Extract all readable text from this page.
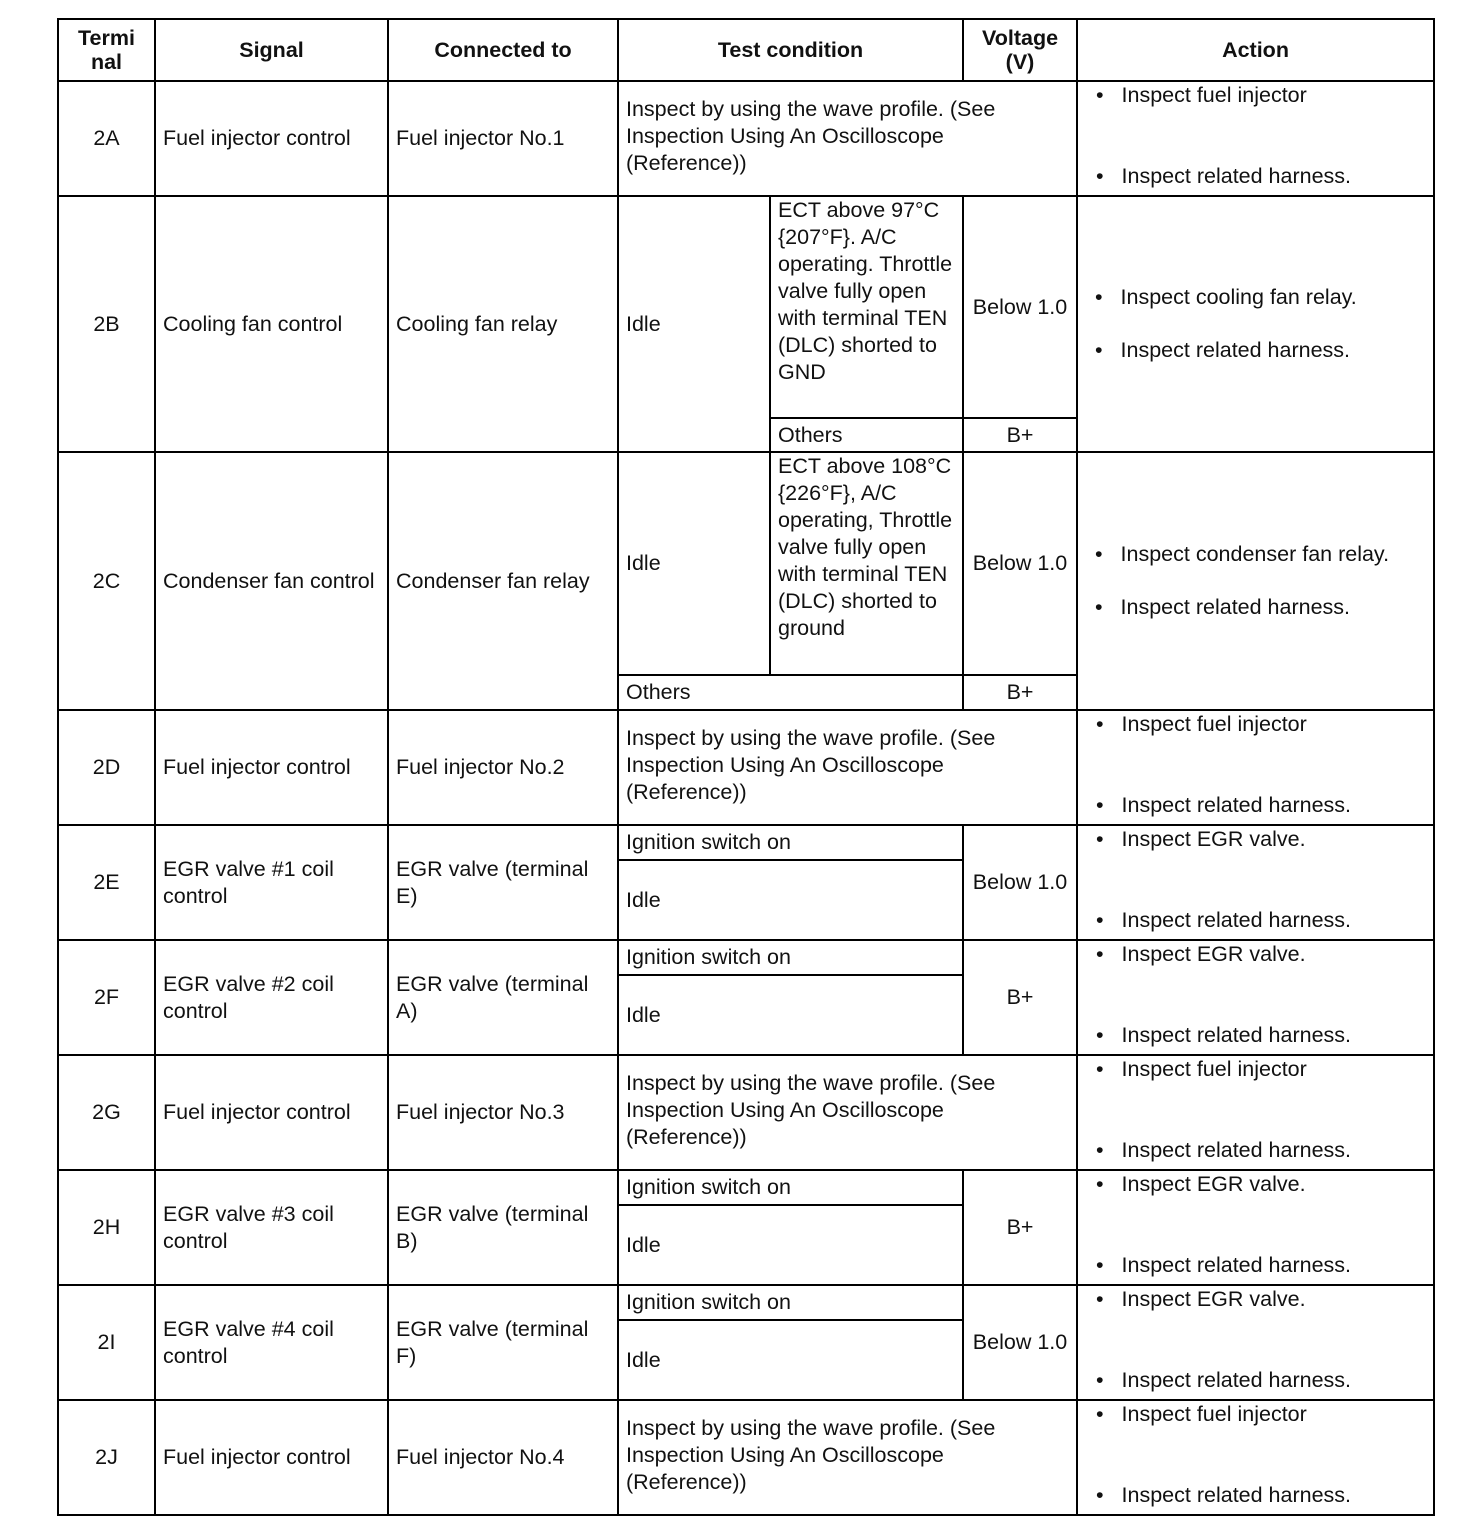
Termi nal	Signal	Connected to	Test condition		Voltage (V)	Action
2A	Fuel injector control	Fuel injector No.1	Inspect by using the wave profile. (See Inspection Using An Oscilloscope (Reference))			• Inspect fuel injector
• Inspect related harness.

2B	Cooling fan control	Cooling fan relay	Idle	ECT above 97°C {207°F}. A/C operating. Throttle valve fully open with terminal TEN (DLC) shorted to GND	Below 1.0	• Inspect cooling fan relay.
• Inspect related harness.

				Others	B+	
2C	Condenser fan control	Condenser fan relay	Idle	ECT above 108°C {226°F}, A/C operating, Throttle valve fully open with terminal TEN (DLC) shorted to ground	Below 1.0	• Inspect condenser fan relay.
• Inspect related harness.

			Others		B+	
2D	Fuel injector control	Fuel injector No.2	Inspect by using the wave profile. (See Inspection Using An Oscilloscope (Reference))			• Inspect fuel injector
• Inspect related harness.

2E	EGR valve #1 coil control	EGR valve (terminal E)	Ignition switch on		Below 1.0	• Inspect EGR valve.
• Inspect related harness.

			Idle			
2F	EGR valve #2 coil control	EGR valve (terminal A)	Ignition switch on		B+	• Inspect EGR valve.
• Inspect related harness.

			Idle			
2G	Fuel injector control	Fuel injector No.3	Inspect by using the wave profile. (See Inspection Using An Oscilloscope (Reference))			• Inspect fuel injector
• Inspect related harness.

2H	EGR valve #3 coil control	EGR valve (terminal B)	Ignition switch on		B+	• Inspect EGR valve.
• Inspect related harness.

			Idle			
2I	EGR valve #4 coil control	EGR valve (terminal F)	Ignition switch on		Below 1.0	• Inspect EGR valve.
• Inspect related harness.

			Idle			
2J	Fuel injector control	Fuel injector No.4	Inspect by using the wave profile. (See Inspection Using An Oscilloscope (Reference))			• Inspect fuel injector
• Inspect related harness.
